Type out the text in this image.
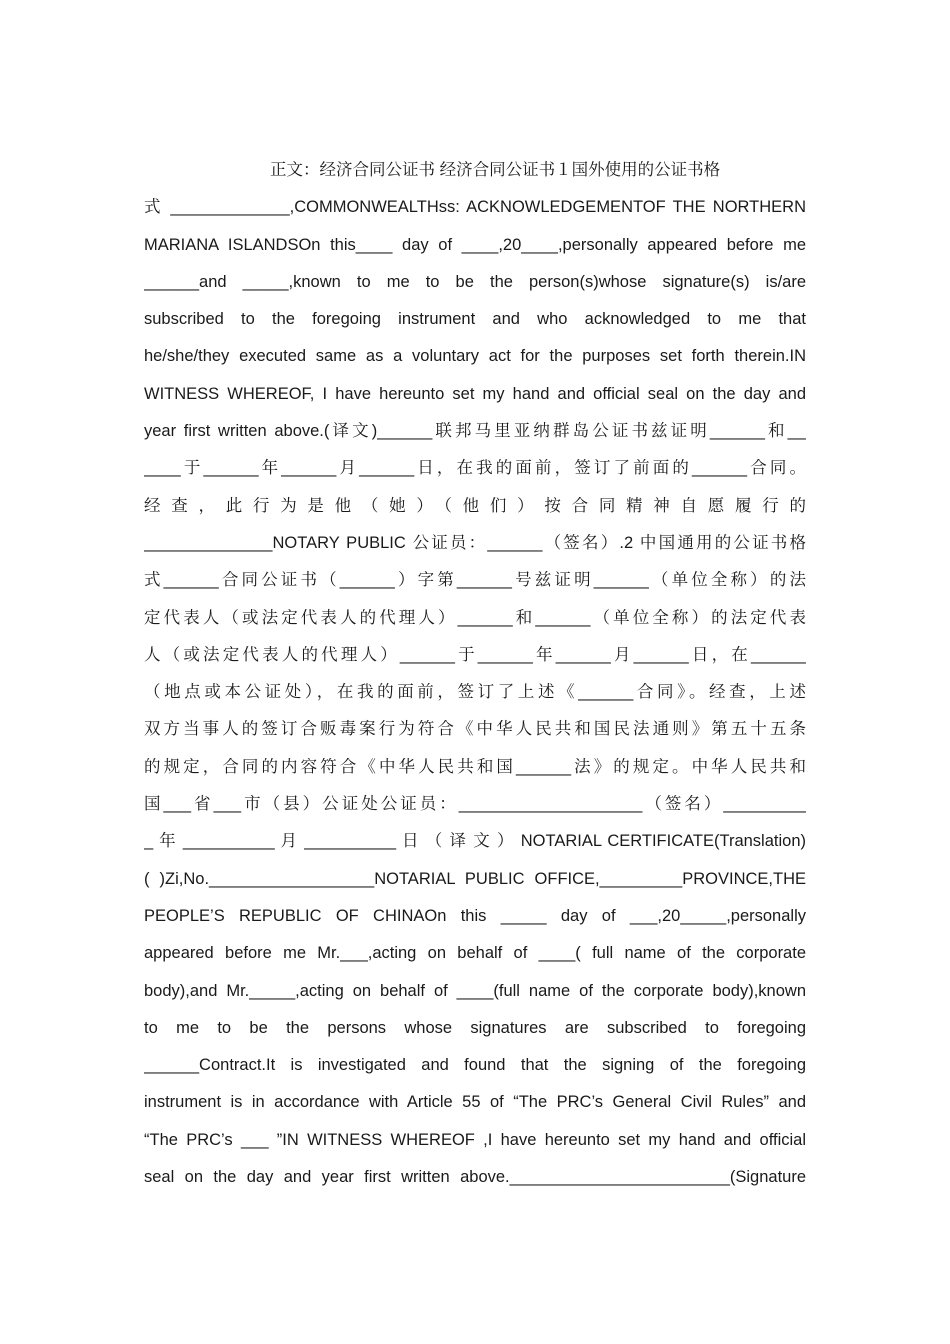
正文：经济合同公证书 经济合同公证书１国外使用的公证书格
式 _____________,COMMONWEALTHss: ACKNOWLEDGEMENTOF THE NORTHERN
MARIANA ISLANDSOn this____ day of ____,20____,personally appeared before me
______and _____,known to me to be the person(s)whose signature(s) is/are
subscribed to the foregoing instrument and who acknowledged to me that
he/she/they executed same as a voluntary act for the purposes set forth therein.IN
WITNESS WHEREOF, I have hereunto set my hand and official seal on the day and
year first written above.(译文)______联邦马里亚纳群岛公证书兹证明______和__
____于______年______月______日，在我的面前，签订了前面的______合同。
经查，此行为是他（她）（他们）按合同精神自愿履行的
______________NOTARY PUBLIC 公证员：______（签名）.2 中国通用的公证书格
式______合同公证书（______）字第______号兹证明______（单位全称）的法
定代表人（或法定代表人的代理人）______和______（单位全称）的法定代表
人（或法定代表人的代理人）______于______年______月______日，在______
（地点或本公证处），在我的面前，签订了上述《______合同》。经查，上述
双方当事人的签订合贩毒案行为符合《中华人民共和国民法通则》第五十五条
的规定，合同的内容符合《中华人民共和国______法》的规定。中华人民共和
国___省___市（县）公证处公证员：____________________（签名）_________
_ 年 __________ 月 __________ 日 （ 译 文 ） NOTARIAL CERTIFICATE(Translation)
( )Zi,No.__________________NOTARIAL PUBLIC OFFICE,_________PROVINCE,THE
PEOPLE’S REPUBLIC OF CHINAOn this _____ day of ___,20_____,personally
appeared before me Mr.___,acting on behalf of ____( full name of the corporate
body),and Mr._____,acting on behalf of ____(full name of the corporate body),known
to me to be the persons whose signatures are subscribed to foregoing
______Contract.It is investigated and found that the signing of the foregoing
instrument is in accordance with Article 55 of “The PRC’s General Civil Rules” and
“The PRC’s ___ ”IN WITNESS WHEREOF ,I have hereunto set my hand and official
seal on the day and year first written above.________________________(Signature
